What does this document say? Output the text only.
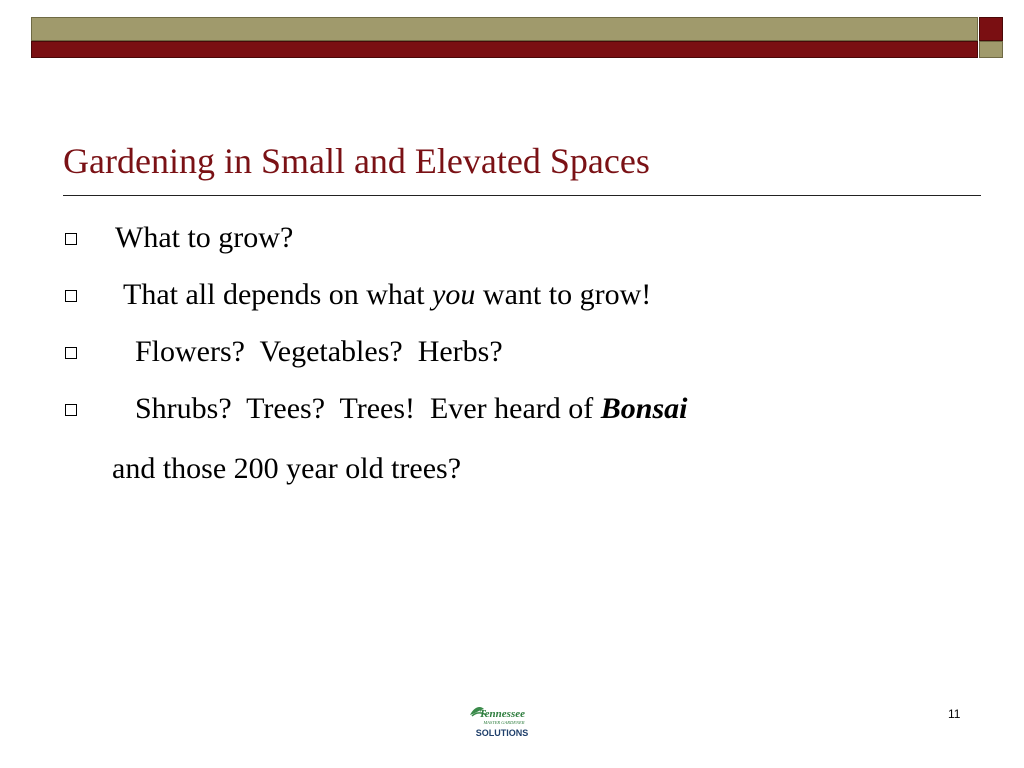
Gardening in Small and Elevated Spaces
What to grow?
That all depends on what you want to grow!
Flowers?  Vegetables?  Herbs?
Shrubs?  Trees?  Trees!  Ever heard of Bonsai
and those 200 year old trees?
Tennessee
MASTER GARDENER
SOLUTIONS
11
